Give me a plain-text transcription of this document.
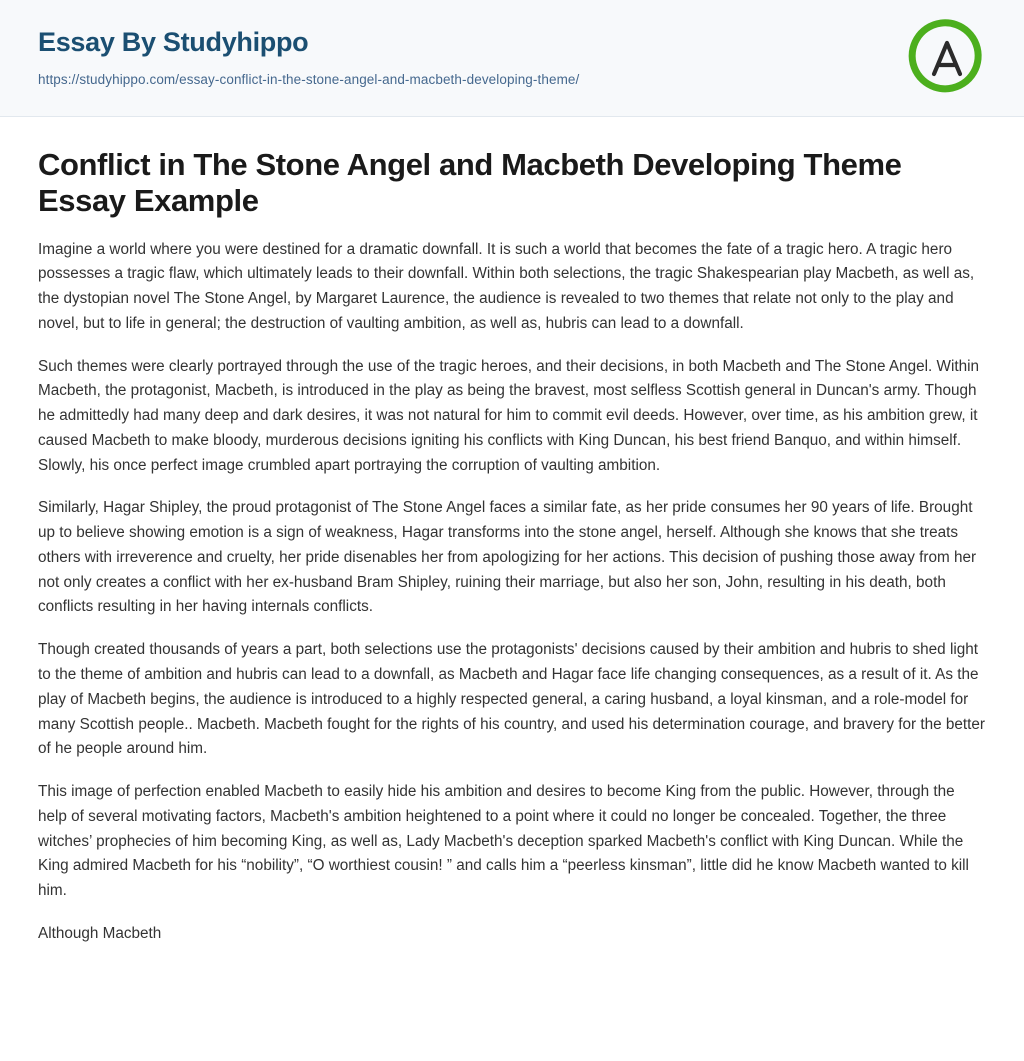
Essay By Studyhippo
https://studyhippo.com/essay-conflict-in-the-stone-angel-and-macbeth-developing-theme/
Conflict in The Stone Angel and Macbeth Developing Theme Essay Example

Imagine a world where you were destined for a dramatic downfall. It is such a world that becomes the fate of a tragic hero. A tragic hero possesses a tragic flaw, which ultimately leads to their downfall. Within both selections, the tragic Shakespearian play Macbeth, as well as, the dystopian novel The Stone Angel, by Margaret Laurence, the audience is revealed to two themes that relate not only to the play and novel, but to life in general; the destruction of vaulting ambition, as well as, hubris can lead to a downfall.

Such themes were clearly portrayed through the use of the tragic heroes, and their decisions, in both Macbeth and The Stone Angel. Within Macbeth, the protagonist, Macbeth, is introduced in the play as being the bravest, most selfless Scottish general in Duncan's army. Though he admittedly had many deep and dark desires, it was not natural for him to commit evil deeds. However, over time, as his ambition grew, it caused Macbeth to make bloody, murderous decisions igniting his conflicts with King Duncan, his best friend Banquo, and within himself. Slowly, his once perfect image crumbled apart portraying the corruption of vaulting ambition.

Similarly, Hagar Shipley, the proud protagonist of The Stone Angel faces a similar fate, as her pride consumes her 90 years of life. Brought up to believe showing emotion is a sign of weakness, Hagar transforms into the stone angel, herself. Although she knows that she treats others with irreverence and cruelty, her pride disenables her from apologizing for her actions. This decision of pushing those away from her not only creates a conflict with her ex-husband Bram Shipley, ruining their marriage, but also her son, John, resulting in his death, both conflicts resulting in her having internals conflicts.

Though created thousands of years a part, both selections use the protagonists' decisions caused by their ambition and hubris to shed light to the theme of ambition and hubris can lead to a downfall, as Macbeth and Hagar face life changing consequences, as a result of it. As the play of Macbeth begins, the audience is introduced to a highly respected general, a caring husband, a loyal kinsman, and a role-model for many Scottish people.. Macbeth. Macbeth fought for the rights of his country, and used his determination courage, and bravery for the better of he people around him.

This image of perfection enabled Macbeth to easily hide his ambition and desires to become King from the public. However, through the help of several motivating factors, Macbeth's ambition heightened to a point where it could no longer be concealed. Together, the three witches’ prophecies of him becoming King, as well as, Lady Macbeth's deception sparked Macbeth's conflict with King Duncan. While the King admired Macbeth for his “nobility”, “O worthiest cousin! ” and calls him a “peerless kinsman”, little did he know Macbeth wanted to kill him.

Although Macbeth
